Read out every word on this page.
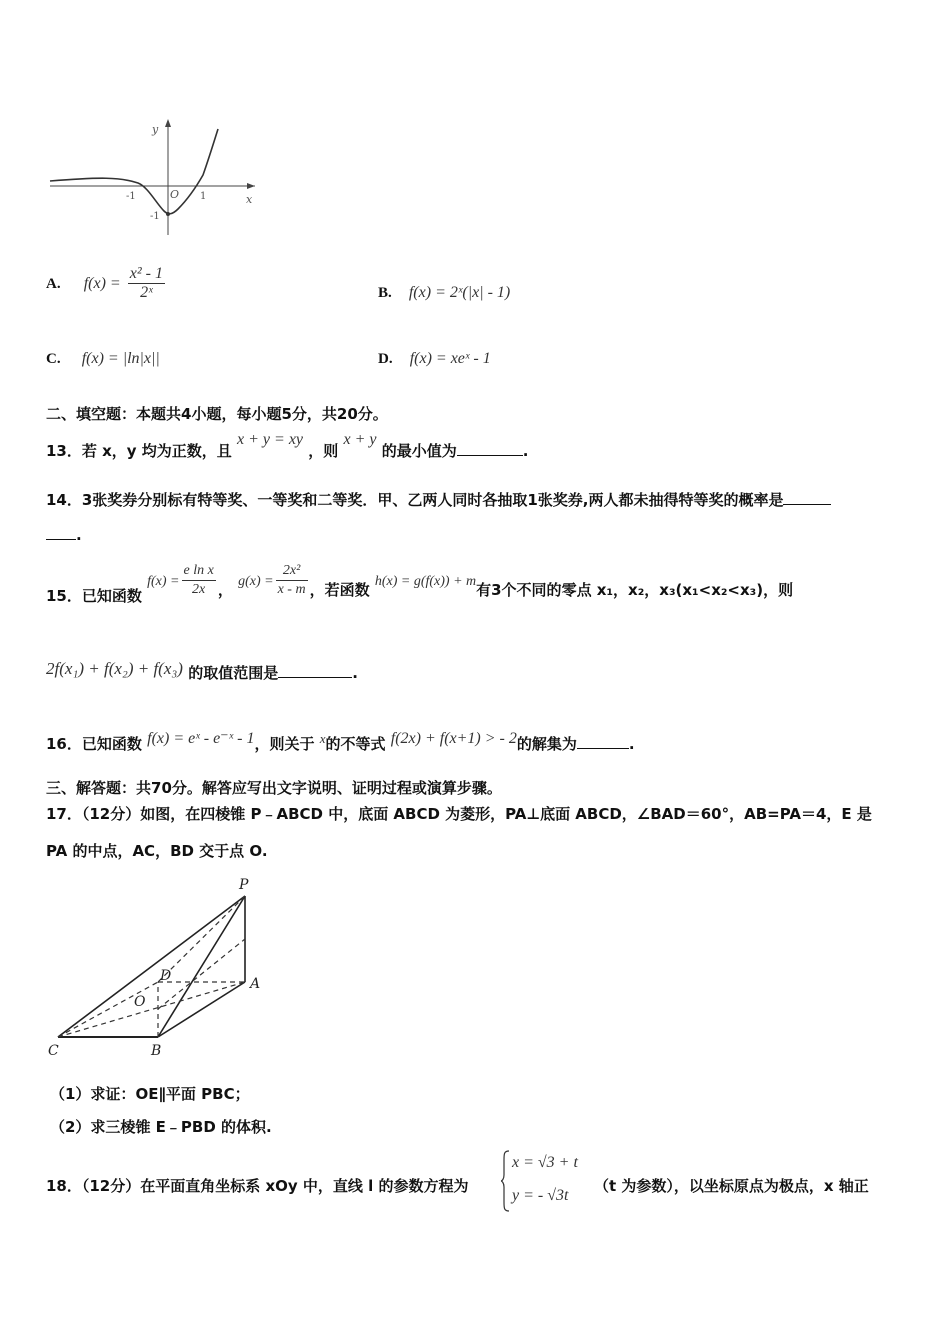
y
x
O
-1	1
-1
A. $f(x) = \frac{\text{x² - 1}}{\text{2ˣ}}$	B. f(x) = 2ˣ(|x| - 1)
C. f(x) = |ln|x||	D. f(x) = xeˣ - 1
二、填空题：本题共4小题，每小题5分，共20分。
13．若 x，y 均为正数，且 x + y = xy ，则 x + y 的最小值为	.
14．3张奖券分别标有特等奖、一等奖和二等奖．甲、乙两人同时各抽取1张奖券,两人都未抽得特等奖的概率是
.
15．已知函数 $f(x) = \frac{\text{e ln x}}{2x}$ ， $g(x) = \frac{\text{2x²}}{x - m}$ ，若函数 h(x) = g(f(x)) + m有3个不同的零点 x₁，x₂，x₃(x₁<x₂<x₃)，则
2f(x₁) + f(x₂) + f(x₃) 的取值范围是	.
16．已知函数 f(x) = eˣ - e⁻ˣ - 1，则关于 x的不等式 f(2x) + f(x+1) > - 2的解集为	.
三、解答题：共70分。解答应写出文字说明、证明过程或演算步骤。
17．（12分）如图，在四棱锥 P﹣ABCD 中，底面 ABCD 为菱形，PA⊥底面 ABCD，∠BAD＝60°，AB=PA＝4，E 是
PA 的中点，AC，BD 交于点 O.
P
D
O
A
C	B
（1）求证：OE∥平面 PBC；
（2）求三棱锥 E﹣PBD 的体积.
18．（12分）在平面直角坐标系 xOy 中，直线 l 的参数方程为
x = √3 + t
y = - √3t
（t 为参数），以坐标原点为极点，x 轴正
